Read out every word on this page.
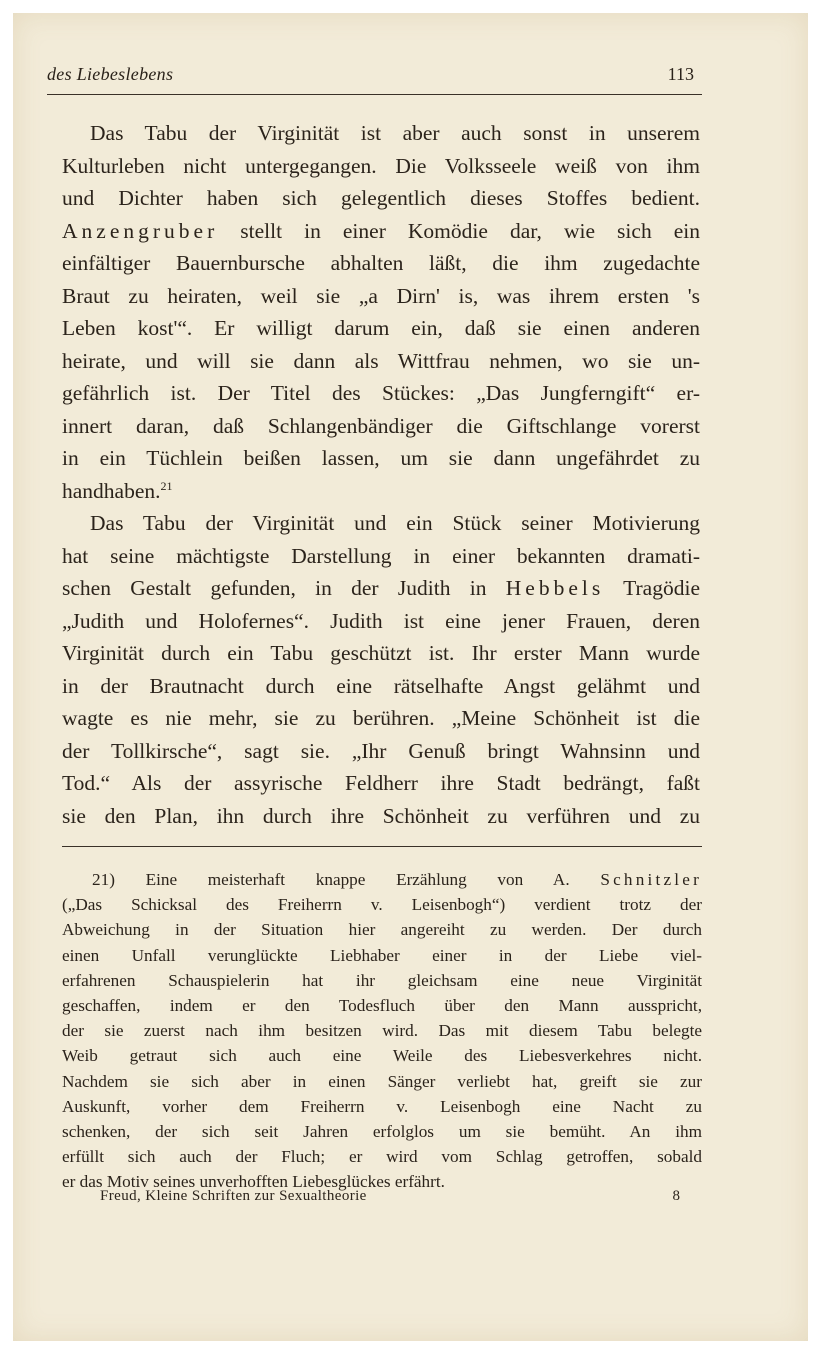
des Liebeslebens	113
Das Tabu der Virginität ist aber auch sonst in unserem
Kulturleben nicht untergegangen. Die Volksseele weiß von ihm
und Dichter haben sich gelegentlich dieses Stoffes bedient.
Anzengruber stellt in einer Komödie dar, wie sich ein
einfältiger Bauernbursche abhalten läßt, die ihm zugedachte
Braut zu heiraten, weil sie „a Dirn' is, was ihrem ersten 's
Leben kost'“. Er willigt darum ein, daß sie einen anderen
heirate, und will sie dann als Wittfrau nehmen, wo sie un-
gefährlich ist. Der Titel des Stückes: „Das Jungferngift“ er-
innert daran, daß Schlangenbändiger die Giftschlange vorerst
in ein Tüchlein beißen lassen, um sie dann ungefährdet zu
handhaben.$^{21}$
Das Tabu der Virginität und ein Stück seiner Motivierung
hat seine mächtigste Darstellung in einer bekannten dramati-
schen Gestalt gefunden, in der Judith in Hebbels Tragödie
„Judith und Holofernes“. Judith ist eine jener Frauen, deren
Virginität durch ein Tabu geschützt ist. Ihr erster Mann wurde
in der Brautnacht durch eine rätselhafte Angst gelähmt und
wagte es nie mehr, sie zu berühren. „Meine Schönheit ist die
der Tollkirsche“, sagt sie. „Ihr Genuß bringt Wahnsinn und
Tod.“ Als der assyrische Feldherr ihre Stadt bedrängt, faßt
sie den Plan, ihn durch ihre Schönheit zu verführen und zu
21) Eine meisterhaft knappe Erzählung von A. Schnitzler
(„Das Schicksal des Freiherrn v. Leisenbogh“) verdient trotz der
Abweichung in der Situation hier angereiht zu werden. Der durch
einen Unfall verunglückte Liebhaber einer in der Liebe viel-
erfahrenen Schauspielerin hat ihr gleichsam eine neue Virginität
geschaffen, indem er den Todesfluch über den Mann ausspricht,
der sie zuerst nach ihm besitzen wird. Das mit diesem Tabu belegte
Weib getraut sich auch eine Weile des Liebesverkehres nicht.
Nachdem sie sich aber in einen Sänger verliebt hat, greift sie zur
Auskunft, vorher dem Freiherrn v. Leisenbogh eine Nacht zu
schenken, der sich seit Jahren erfolglos um sie bemüht. An ihm
erfüllt sich auch der Fluch; er wird vom Schlag getroffen, sobald
er das Motiv seines unverhofften Liebesglückes erfährt.
Freud, Kleine Schriften zur Sexualtheorie	8
